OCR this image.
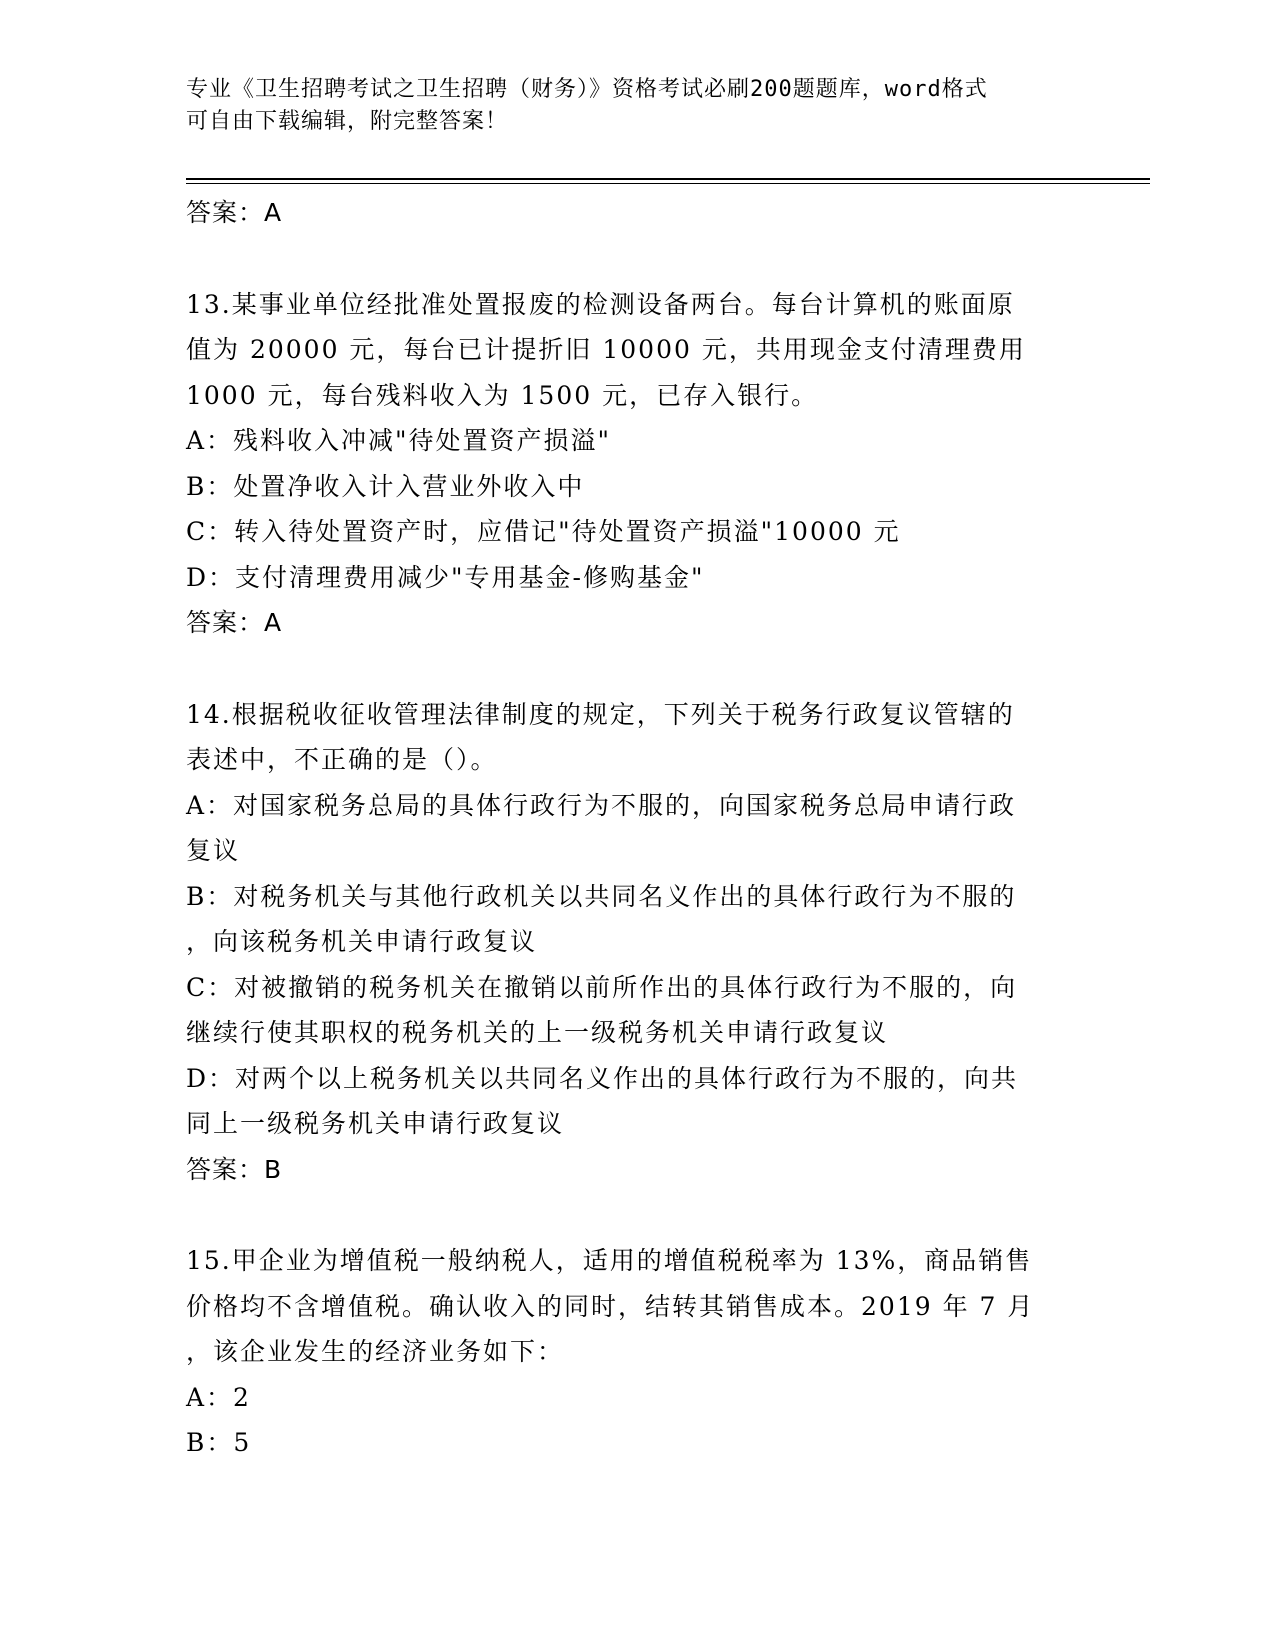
专业《卫生招聘考试之卫生招聘（财务）》资格考试必刷200题题库，word格式
可自由下载编辑，附完整答案！
答案：A
13.某事业单位经批准处置报废的检测设备两台。每台计算机的账面原
值为 20000 元，每台已计提折旧 10000 元，共用现金支付清理费用
1000 元，每台残料收入为 1500 元，已存入银行。
A：残料收入冲减"待处置资产损溢"
B：处置净收入计入营业外收入中
C：转入待处置资产时，应借记"待处置资产损溢"10000 元
D：支付清理费用减少"专用基金-修购基金"
答案：A
14.根据税收征收管理法律制度的规定，下列关于税务行政复议管辖的
表述中，不正确的是（）。
A：对国家税务总局的具体行政行为不服的，向国家税务总局申请行政
复议
B：对税务机关与其他行政机关以共同名义作出的具体行政行为不服的
，向该税务机关申请行政复议
C：对被撤销的税务机关在撤销以前所作出的具体行政行为不服的，向
继续行使其职权的税务机关的上一级税务机关申请行政复议
D：对两个以上税务机关以共同名义作出的具体行政行为不服的，向共
同上一级税务机关申请行政复议
答案：B
15.甲企业为增值税一般纳税人，适用的增值税税率为 13%，商品销售
价格均不含增值税。确认收入的同时，结转其销售成本。2019 年 7 月
，该企业发生的经济业务如下：
A：2
B：5
